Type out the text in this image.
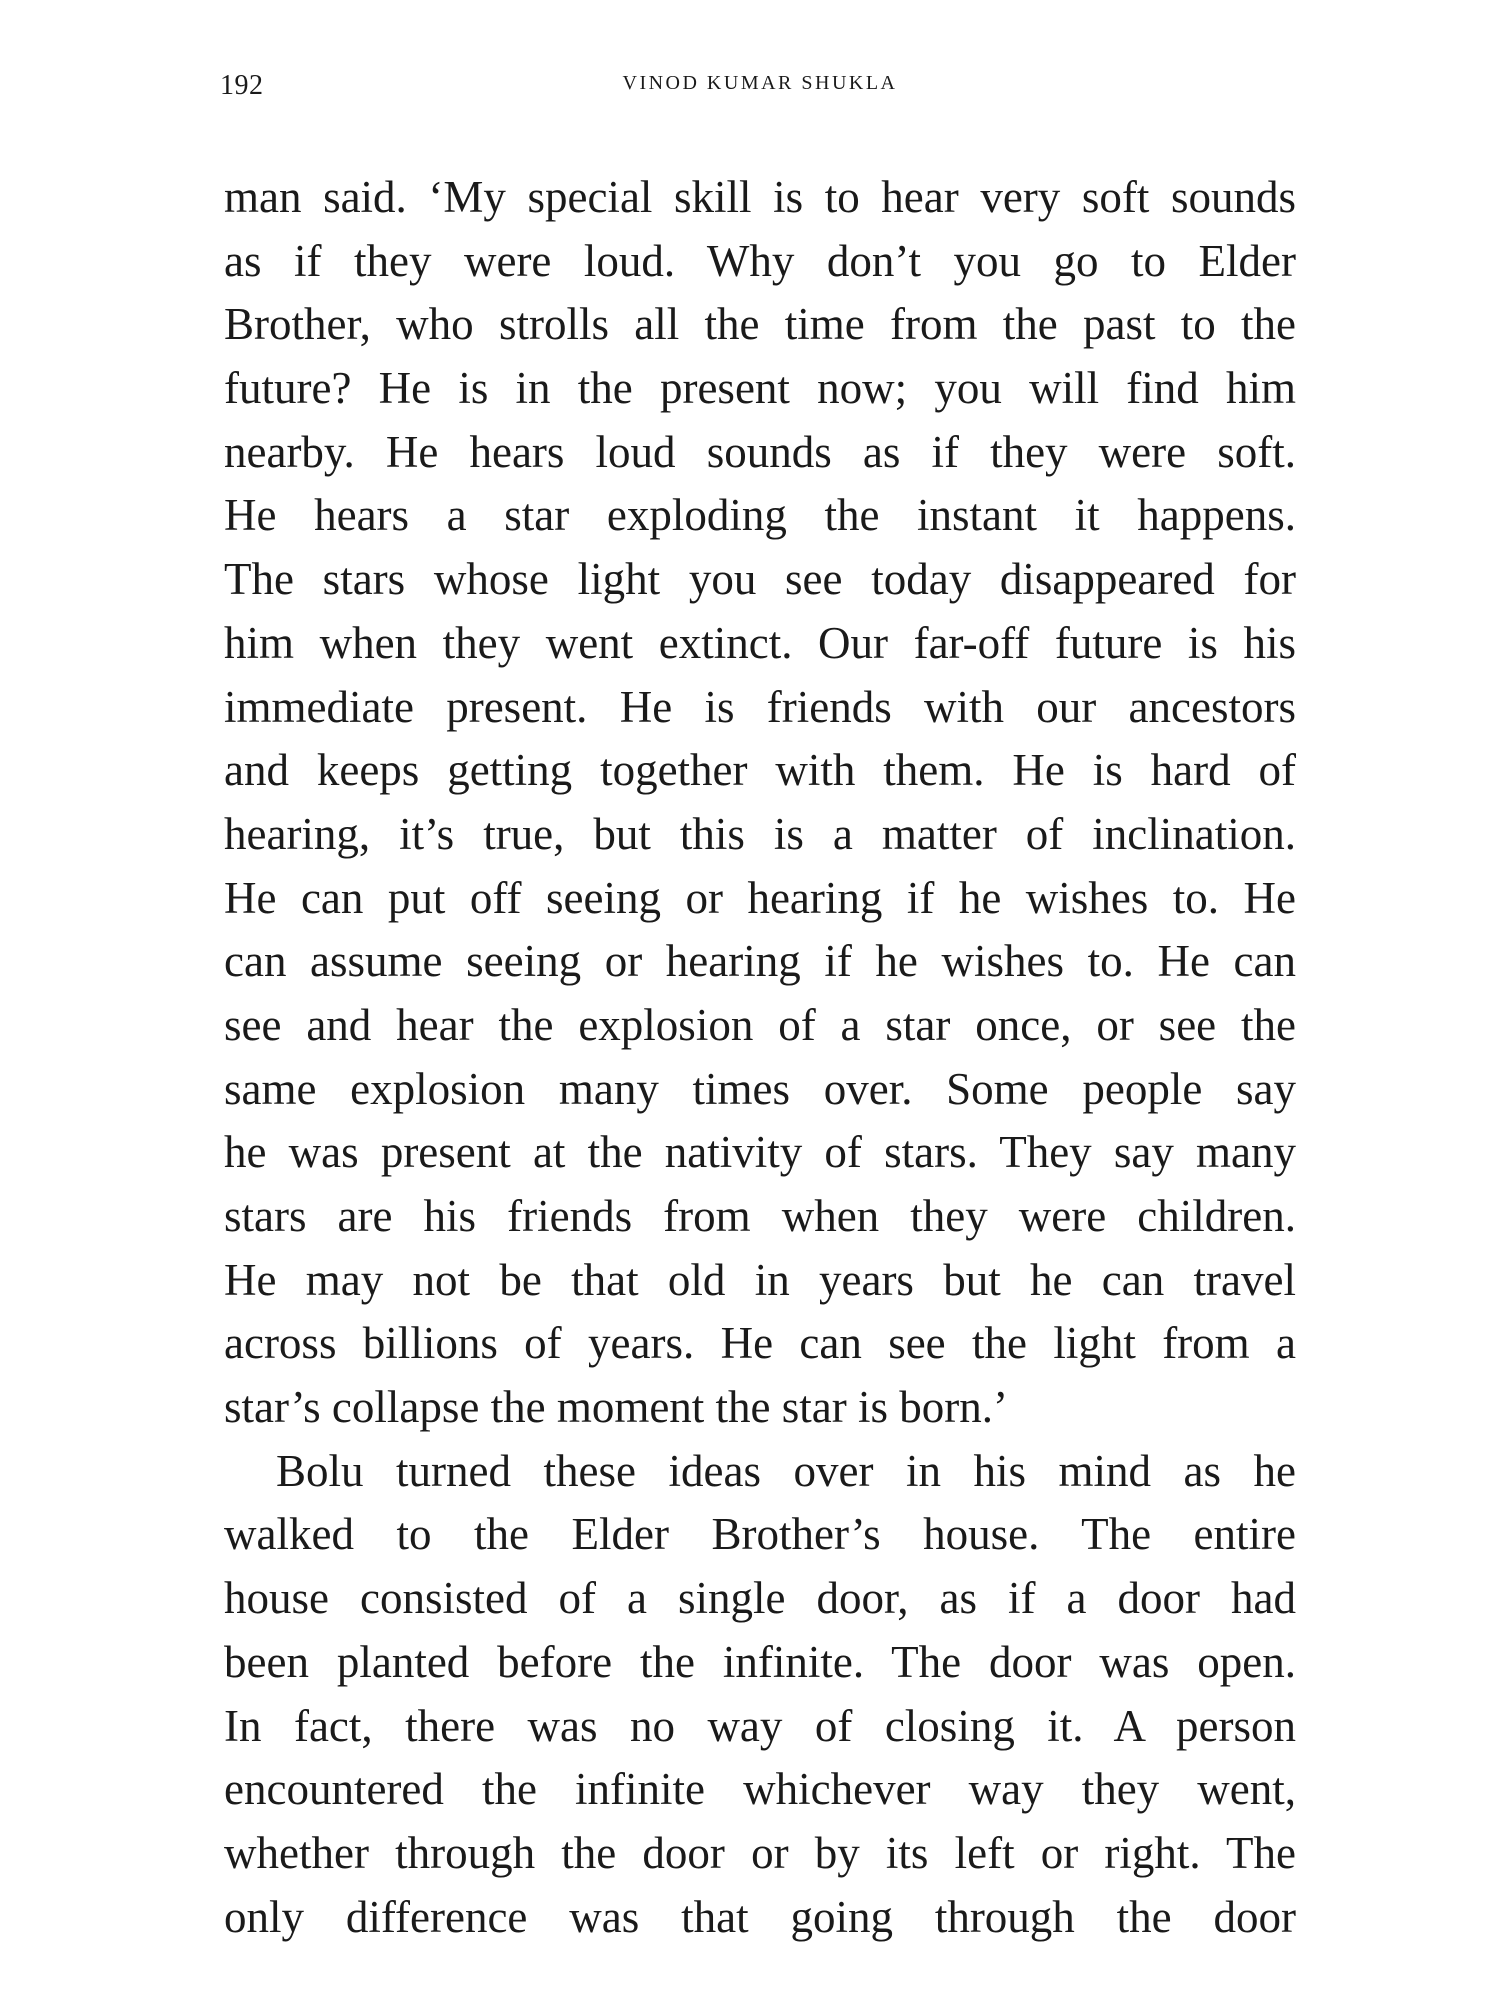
192	VINOD KUMAR SHUKLA
man said. ‘My special skill is to hear very soft sounds
as if they were loud. Why don’t you go to Elder
Brother, who strolls all the time from the past to the
future? He is in the present now; you will find him
nearby. He hears loud sounds as if they were soft.
He hears a star exploding the instant it happens.
The stars whose light you see today disappeared for
him when they went extinct. Our far-off future is his
immediate present. He is friends with our ancestors
and keeps getting together with them. He is hard of
hearing, it’s true, but this is a matter of inclination.
He can put off seeing or hearing if he wishes to. He
can assume seeing or hearing if he wishes to. He can
see and hear the explosion of a star once, or see the
same explosion many times over. Some people say
he was present at the nativity of stars. They say many
stars are his friends from when they were children.
He may not be that old in years but he can travel
across billions of years. He can see the light from a
star’s collapse the moment the star is born.’
Bolu turned these ideas over in his mind as he
walked to the Elder Brother’s house. The entire
house consisted of a single door, as if a door had
been planted before the infinite. The door was open.
In fact, there was no way of closing it. A person
encountered the infinite whichever way they went,
whether through the door or by its left or right. The
only difference was that going through the door
